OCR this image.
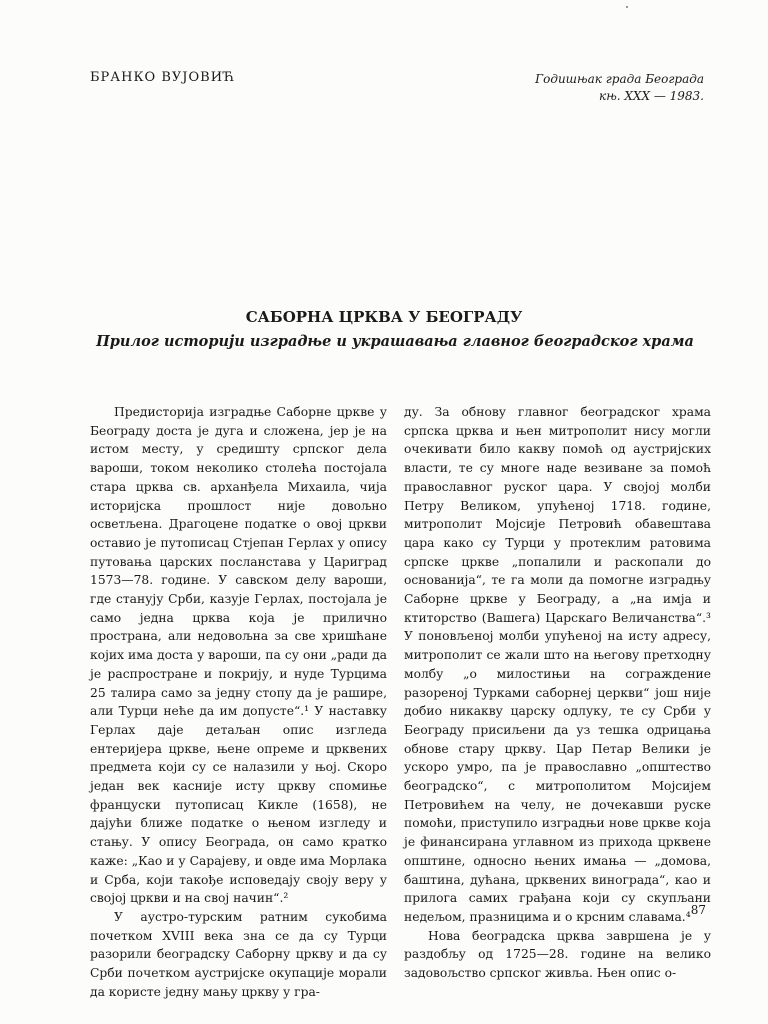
БРАНКО ВУЈОВИЋ	Годишњак града Београда
књ. XXX — 1983.
САБОРНА ЦРКВА У БЕОГРАДУ
Прилог историји изградње и украшавања главног београдског храма

Предисторија изградње Саборне цркве у Београду доста је дуга и сложена, јер је на истом месту, у средишту српског дела вароши, током неколико столећа постојала стара црква св. арханђела Михаила, чија историјска прошлост није довољно осветљена. Драгоцене податке о овој цркви оставио је путописац Стјепан Герлах у опису путовања царских посланстава у Цариград 1573—78. године. У савском делу вароши, где станују Срби, казује Герлах, постојала је само једна црква која је прилично пространа, али недовољна за све хришћане којих има доста у вароши, па су они „ради да је распростране и покрију, и нуде Турцима 25 талира само за једну стопу да је рашире, али Турци неће да им допусте“.¹ У наставку Герлах даје детаљан опис изгледа ентеријера цркве, њене опреме и црквених предмета који су се налазили у њој. Скоро један век касније исту цркву спомиње француски путописац Кикле (1658), не дајући ближе податке о њеном изгледу и стању. У опису Београда, он само кратко каже: „Као и у Сарајеву, и овде има Морлака и Срба, који такође исповедају своју веру у својој цркви и на свој начин“.²

У аустро-турским ратним сукобима почетком XVIII века зна се да су Турци разорили београдску Саборну цркву и да су Срби почетком аустријске окупације морали да користе једну мању цркву у гра-

ду. За обнову главног београдског храма српска црква и њен митрополит нису могли очекивати било какву помоћ од аустријских власти, те су многе наде везиване за помоћ православног руског цара. У својој молби Петру Великом, упућеној 1718. године, митрополит Мојсије Петровић обавештава цара како су Турци у протеклим ратовима српске цркве „попалили и раскопали до основанија“, те га моли да помогне изградњу Саборне цркве у Београду, а „на имја и ктиторство (Вашега) Царскаго Величанства“.³ У поновљеној молби упућеној на исту адресу, митрополит се жали што на његову претходну молбу „о милостињи на сограждение разореној Турками саборнеј церкви“ још није добио никакву царску одлуку, те су Срби у Београду присиљени да уз тешка одрицања обнове стару цркву. Цар Петар Велики је ускоро умро, па је православно „општество београдско“, с митрополитом Мојсијем Петровићем на челу, не дочекавши руске помоћи, приступило изградњи нове цркве која је финансирана углавном из прихода црквене општине, односно њених имања — „домова, баштина, дућана, црквених винограда“, као и прилога самих грађана који су скупљани недељом, празницима и о крсним славама.⁴

Нова београдска црква завршена је у раздобљу од 1725—28. године на велико задовољство српског живља. Њен опис о-

87
